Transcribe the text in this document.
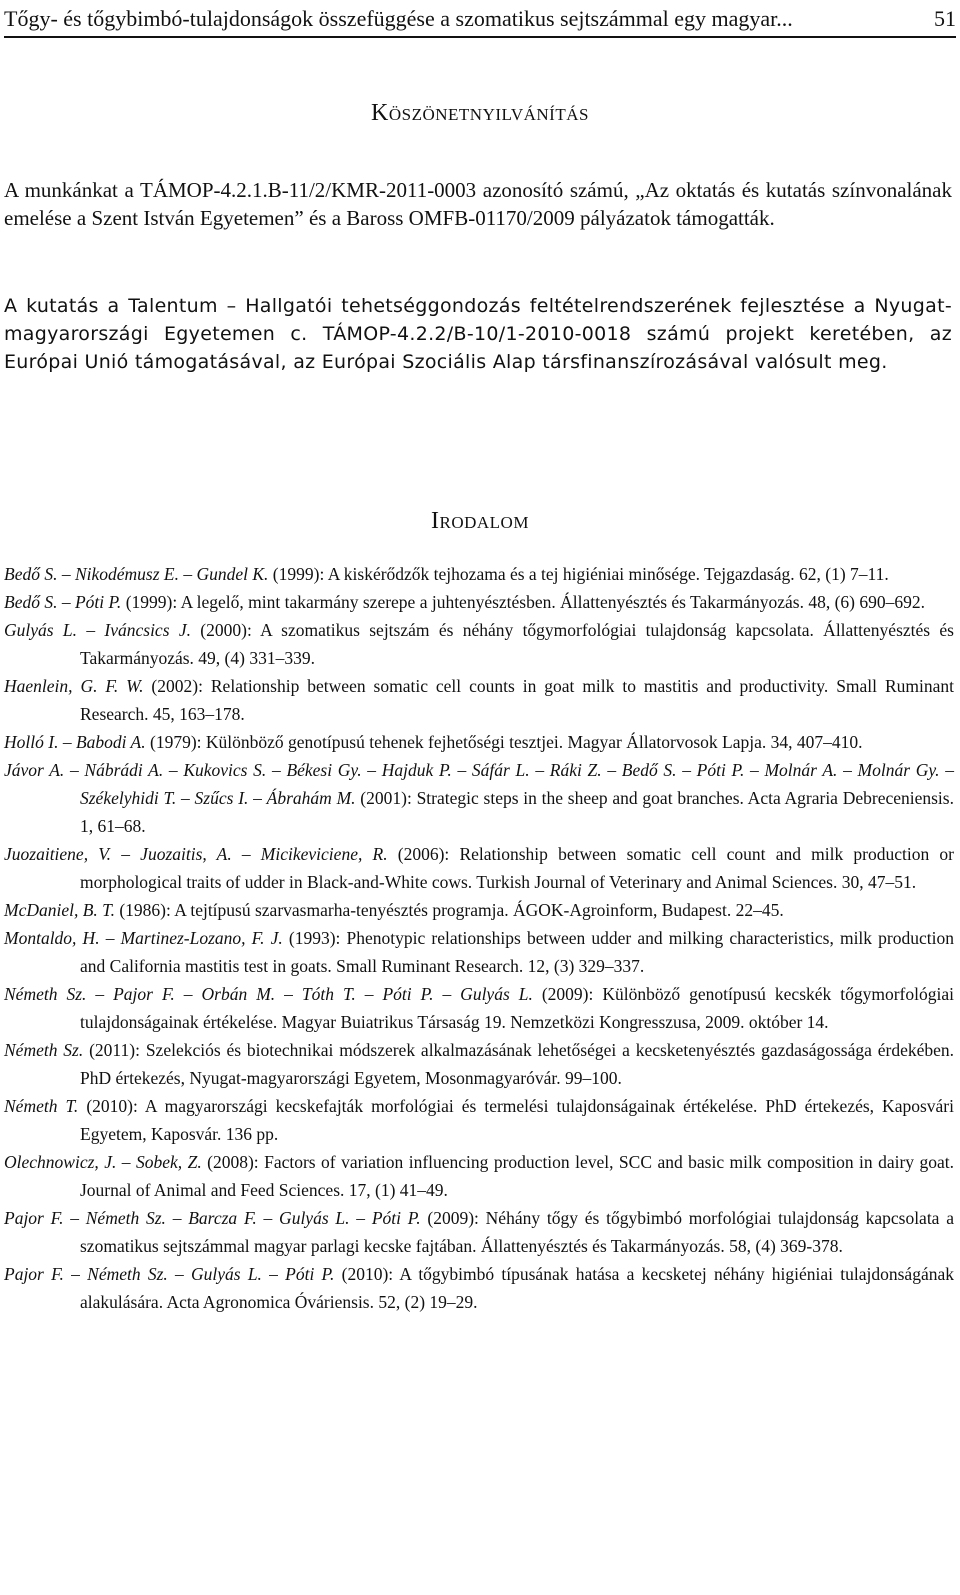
Tőgy- és tőgybimbó-tulajdonságok összefüggése a szomatikus sejtszámmal egy magyar...	51
Köszönetnyilvánítás

A munkánkat a TÁMOP-4.2.1.B-11/2/KMR-2011-0003 azonosító számú, „Az oktatás és kutatás színvonalának emelése a Szent István Egyetemen” és a Baross OMFB-01170/2009 pályázatok támogatták.

A kutatás a Talentum – Hallgatói tehetséggondozás feltételrendszerének fejlesztése a Nyugat-magyarországi Egyetemen c. TÁMOP-4.2.2/B-10/1-2010-0018 számú projekt keretében, az Európai Unió támogatásával, az Európai Szociális Alap társfinanszírozásával valósult meg.

Irodalom
Bedő S. – Nikodémusz E. – Gundel K. (1999): A kiskérődzők tejhozama és a tej higiéniai minősége. Tejgazdaság. 62, (1) 7–11.
Bedő S. – Póti P. (1999): A legelő, mint takarmány szerepe a juhtenyésztésben. Állattenyésztés és Takarmányozás. 48, (6) 690–692.
Gulyás L. – Iváncsics J. (2000): A szomatikus sejtszám és néhány tőgymorfológiai tulajdonság kapcsolata. Állattenyésztés és Takarmányozás. 49, (4) 331–339.
Haenlein, G. F. W. (2002): Relationship between somatic cell counts in goat milk to mastitis and productivity. Small Ruminant Research. 45, 163–178.
Holló I. – Babodi A. (1979): Különböző genotípusú tehenek fejhetőségi tesztjei. Magyar Állatorvosok Lapja. 34, 407–410.
Jávor A. – Nábrádi A. – Kukovics S. – Békesi Gy. – Hajduk P. – Sáfár L. – Ráki Z. – Bedő S. – Póti P. – Molnár A. – Molnár Gy. – Székelyhidi T. – Szűcs I. – Ábrahám M. (2001): Strategic steps in the sheep and goat branches. Acta Agraria Debreceniensis. 1, 61–68.
Juozaitiene, V. – Juozaitis, A. – Micikeviciene, R. (2006): Relationship between somatic cell count and milk production or morphological traits of udder in Black-and-White cows. Turkish Journal of Veterinary and Animal Sciences. 30, 47–51.
McDaniel, B. T. (1986): A tejtípusú szarvasmarha-tenyésztés programja. ÁGOK-Agroinform, Budapest. 22–45.
Montaldo, H. – Martinez-Lozano, F. J. (1993): Phenotypic relationships between udder and milking characteristics, milk production and California mastitis test in goats. Small Ruminant Research. 12, (3) 329–337.
Németh Sz. – Pajor F. – Orbán M. – Tóth T. – Póti P. – Gulyás L. (2009): Különböző genotípusú kecskék tőgymorfológiai tulajdonságainak értékelése. Magyar Buiatrikus Társaság 19. Nemzetközi Kongresszusa, 2009. október 14.
Németh Sz. (2011): Szelekciós és biotechnikai módszerek alkalmazásának lehetőségei a kecsketenyésztés gazdaságossága érdekében. PhD értekezés, Nyugat-magyarországi Egyetem, Mosonmagyaróvár. 99–100.
Németh T. (2010): A magyarországi kecskefajták morfológiai és termelési tulajdonságainak értékelése. PhD értekezés, Kaposvári Egyetem, Kaposvár. 136 pp.
Olechnowicz, J. – Sobek, Z. (2008): Factors of variation influencing production level, SCC and basic milk composition in dairy goat. Journal of Animal and Feed Sciences. 17, (1) 41–49.
Pajor F. – Németh Sz. – Barcza F. – Gulyás L. – Póti P. (2009): Néhány tőgy és tőgybimbó morfológiai tulajdonság kapcsolata a szomatikus sejtszámmal magyar parlagi kecske fajtában. Állattenyésztés és Takarmányozás. 58, (4) 369-378.
Pajor F. – Németh Sz. – Gulyás L. – Póti P. (2010): A tőgybimbó típusának hatása a kecsketej néhány higiéniai tulajdonságának alakulására. Acta Agronomica Óváriensis. 52, (2) 19–29.
